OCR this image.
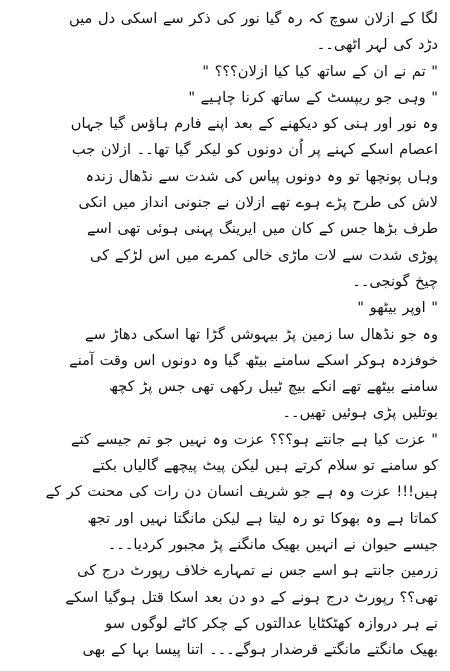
لگا کے ازلان سوچ کہ رہ گیا نور کی ذکر سے اسکی دل میں
دڑد کی لہر اٹھی۔۔
" تم نے ان کے ساتھ کیا کیا ازلان؟؟؟ "
" وہی جو ریپسٹ کے ساتھ کرنا چاہیے "
وہ نور اور ہنی کو دیکھنے کے بعد اپنے فارم ہاؤس گیا جہاں
اعصام اسکے کہنے پر اُن دونوں کو لیکر گیا تھا۔۔ ازلان جب
وہاں پونچھا تو وہ دونوں پیاس کی شدت سے نڈھال زندہ
لاش کی طرح پڑے ہوے تھے ازلان نے جنونی انداز میں انکی
طرف بڑھا جس کے کان میں ایرینگ پہنی ہوئی تھی اسے
پوڑی شدت سے لات ماڑی خالی کمرے میں اس لڑکے کی
چیخ گونجی۔۔
" اوپر بیٹھو "
وہ جو نڈھال سا زمین پڑ بیہوشں گڑا تھا اسکی دھاڑ سے
خوفزدہ ہوکر اسکے سامنے بیٹھ گیا وہ دونوں اس وقت آمنے
سامنے بیٹھے تھے انکے بیچ ٹیبل رکھی تھی جس پڑ کچھ
بوتلیں پڑی ہوئیں تھیں۔۔
" عزت کیا ہے جانتے ہو؟؟؟ عزت وہ نہیں جو تم جیسے کتے
کو سامنے تو سلام کرتے ہیں لیکن پیٹ پیچھے گالیاں بکتے
ہیں!!! عزت وہ ہے جو شریف انسان دن رات کی محنت کر کے
کماتا ہے وہ بھوکا تو رہ لیتا ہے لیکن مانگتا نہیں اور تجھ
جیسے حیوان نے انہیں بھیک مانگنے پڑ مجبور کردیا۔۔۔
زرمین جانتے ہو اسے جس نے تمہارے خلاف رپورٹ درج کی
تھی؟؟ رپورٹ درج ہونے کے دو دن بعد اسکا قتل ہوگیا اسکے
نے ہر دروازہ کھٹکٹایا عدالتوں کے چکر کاٹے لوگوں سو
بھیک مانگتے مانگتے قرضدار ہوگے۔۔۔ اتنا پیسا بہا کے بھی
